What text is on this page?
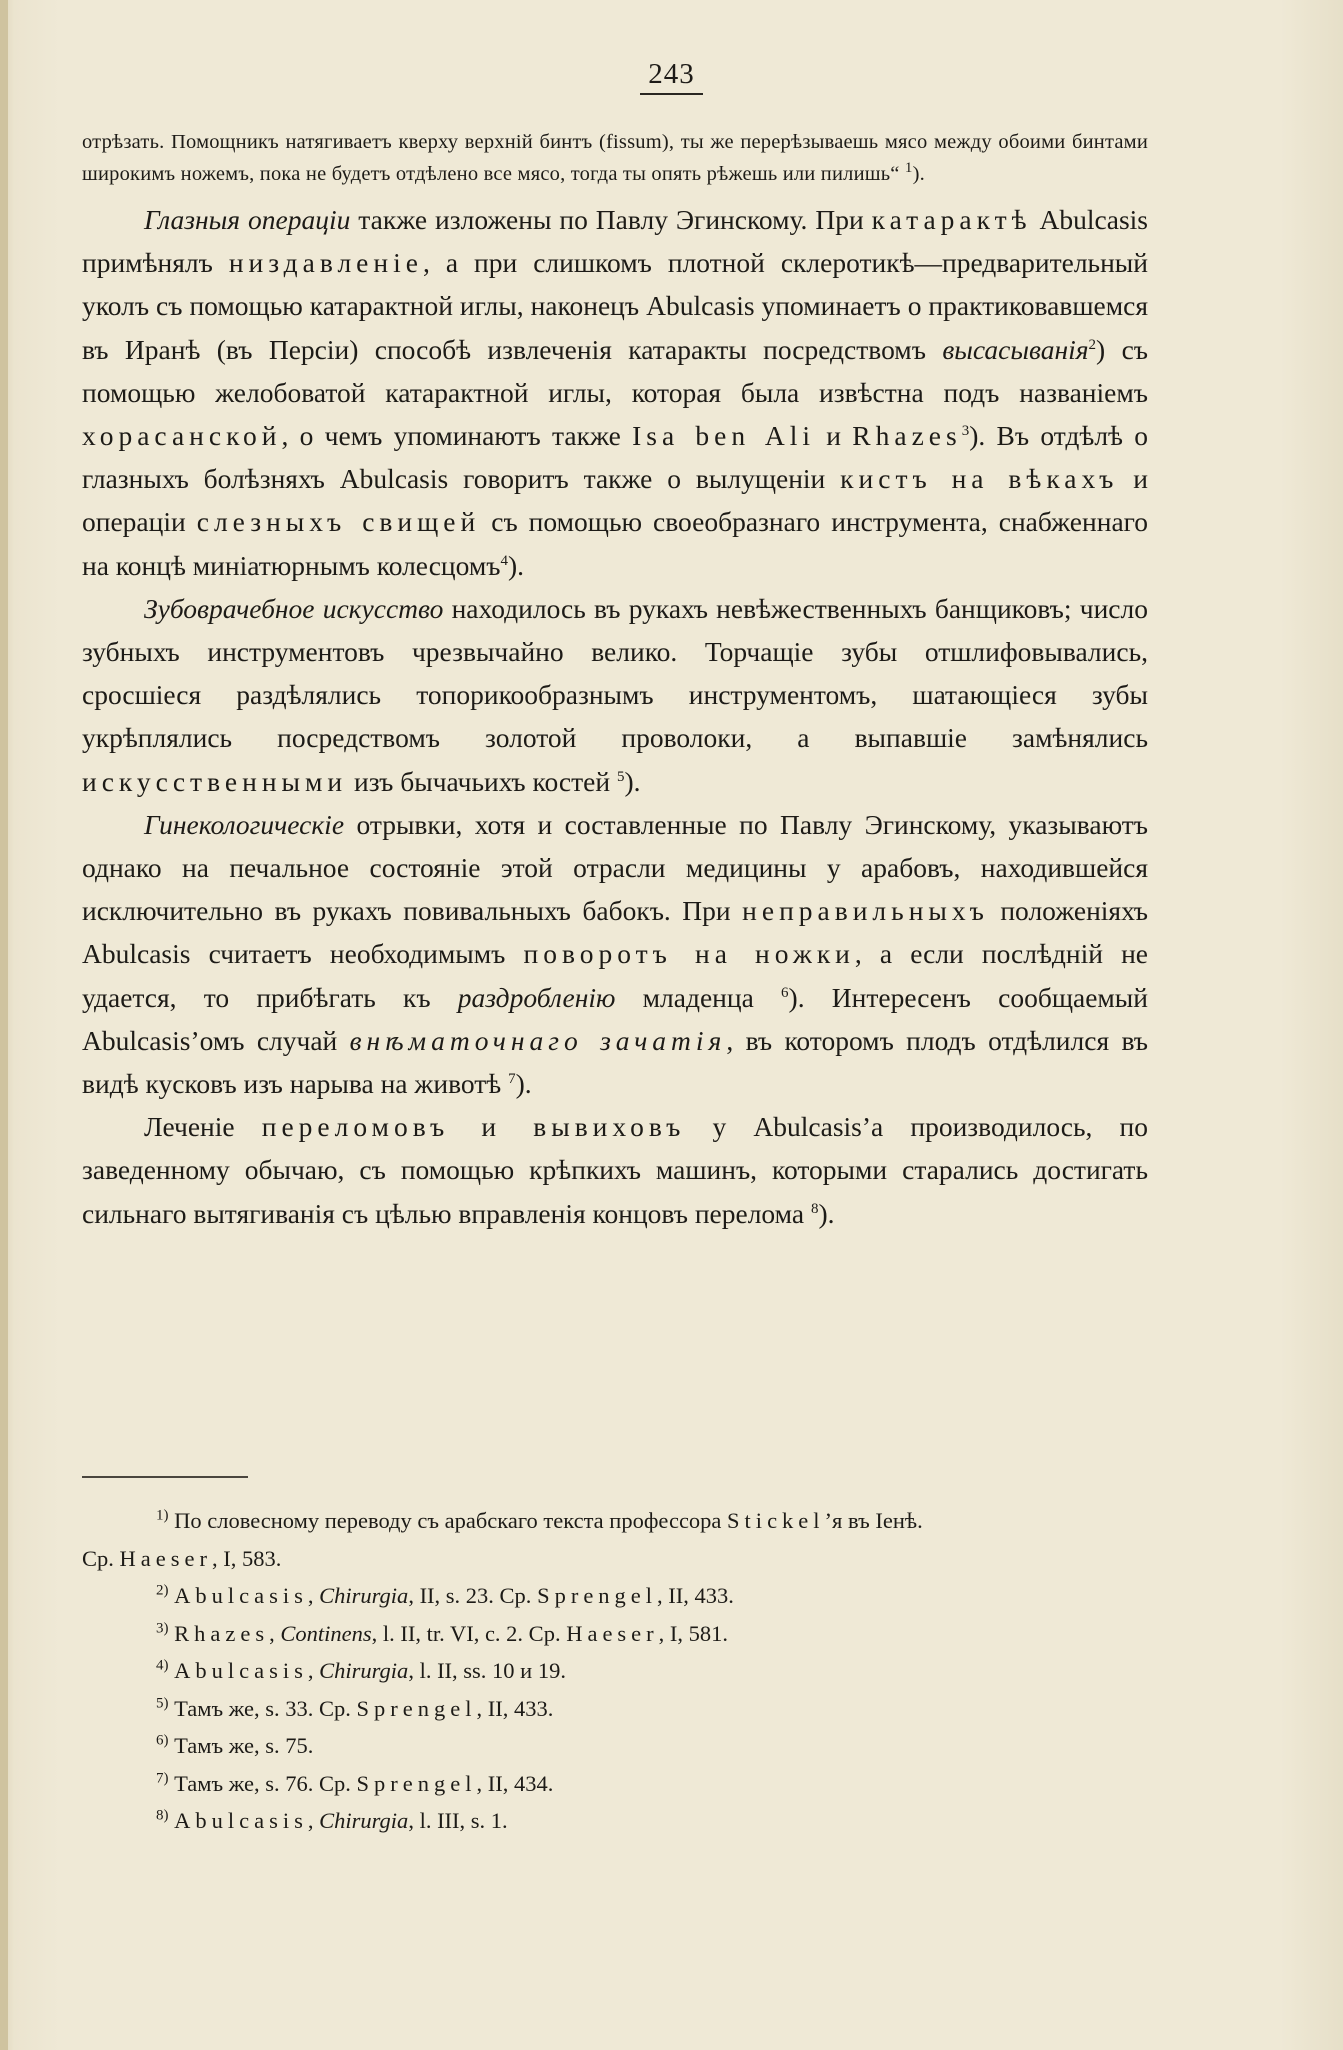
243

отрѣзать. Помощникъ натягиваетъ кверху верхній бинтъ (fissum), ты же перерѣзываешь мясо между обоими бинтами широкимъ ножемъ, пока не будетъ отдѣлено все мясо, тогда ты опять рѣжешь или пилишь“ $^1$).

Глазныя операціи также изложены по Павлу Эгинскому. При катарактѣ Abulcasis примѣнялъ низдавленіе, а при слишкомъ плотной склеротикѣ—предварительный уколъ съ помощью катарактной иглы, наконецъ Abulcasis упоминаетъ о практиковавшемся въ Иранѣ (въ Персіи) способѣ извлеченія катаракты посредствомъ высасыванія$^2$) съ помощью желобоватой катарактной иглы, которая была извѣстна подъ названіемъ хорасанской, о чемъ упоминаютъ также Isa ben Ali и Rhazes$^3$). Въ отдѣлѣ о глазныхъ болѣзняхъ Abulcasis говоритъ также о вылущеніи кистъ на вѣкахъ и операціи слезныхъ свищей съ помощью своеобразнаго инструмента, снабженнаго на концѣ миніатюрнымъ колесцомъ$^4$).

Зубоврачебное искусство находилось въ рукахъ невѣжественныхъ банщиковъ; число зубныхъ инструментовъ чрезвычайно велико. Торчащіе зубы отшлифовывались, сросшіеся раздѣлялись топорикообразнымъ инструментомъ, шатающіеся зубы укрѣплялись посредствомъ золотой проволоки, а выпавшіе замѣнялись искусственными изъ бычачьихъ костей $^5$).

Гинекологическіе отрывки, хотя и составленные по Павлу Эгинскому, указываютъ однако на печальное состояніе этой отрасли медицины у арабовъ, находившейся исключительно въ рукахъ повивальныхъ бабокъ. При неправильныхъ положеніяхъ Abulcasis считаетъ необходимымъ поворотъ на ножки, а если послѣдній не удается, то прибѣгать къ раздробленію младенца $^6$). Интересенъ сообщаемый Abulcasis’омъ случай внѣматочнаго зачатія, въ которомъ плодъ отдѣлился въ видѣ кусковъ изъ нарыва на животѣ $^7$).

Леченіе переломовъ и вывиховъ у Abulcasis’а производилось, по заведенному обычаю, съ помощью крѣпкихъ машинъ, которыми старались достигать сильнаго вытягиванія съ цѣлью вправленія концовъ перелома $^8$).

$^{1)}$ По словесному переводу съ арабскаго текста профессора Stickel’я въ Іенѣ.

Ср. Haeser, I, 583.

$^{2)}$ Abulcasis, Chirurgia, II, s. 23. Ср. Sprengel, II, 433.

$^{3)}$ Rhazes, Continens, l. II, tr. VI, c. 2. Ср. Haeser, I, 581.

$^{4)}$ Abulcasis, Chirurgia, l. II, ss. 10 и 19.

$^{5)}$ Тамъ же, s. 33. Ср. Sprengel, II, 433.

$^{6)}$ Тамъ же, s. 75.

$^{7)}$ Тамъ же, s. 76. Ср. Sprengel, II, 434.

$^{8)}$ Abulcasis, Chirurgia, l. III, s. 1.
